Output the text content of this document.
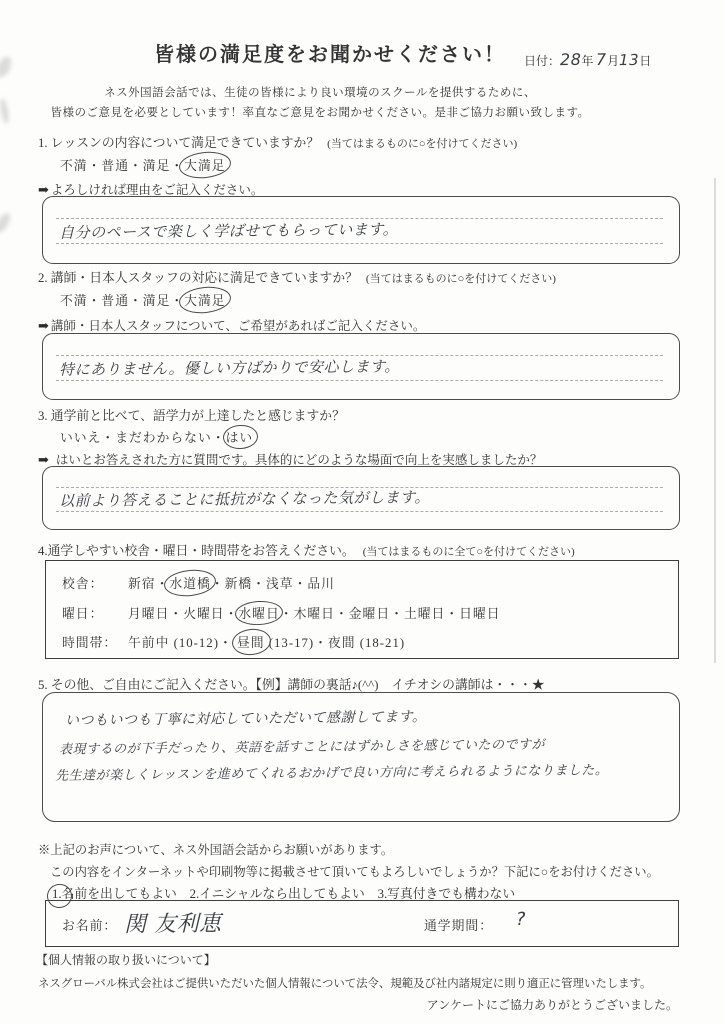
皆様の満足度をお聞かせください！	日付：28年 7月13日
ネス外国語会話では、生徒の皆様により良い環境のスクールを提供するために、
皆様のご意見を必要としています！率直なご意見をお聞かせください。是非ご協力お願い致します。
1. レッスンの内容について満足できていますか？ (当てはまるものに○を付けてください)
不満・普通・満足・大満足
➡ よろしければ理由をご記入ください。
自分のペースで楽しく学ばせてもらっています。
2. 講師・日本人スタッフの対応に満足できていますか？ (当てはまるものに○を付けてください)
不満・普通・満足・大満足
➡ 講師・日本人スタッフについて、ご希望があればご記入ください。
特にありません。優しい方ばかりで安心します。
3. 通学前と比べて、語学力が上達したと感じますか？
いいえ・まだわからない・はい
➡ はいとお答えされた方に質問です。具体的にどのような場面で向上を実感しましたか？
以前より答えることに抵抗がなくなった気がします。
4.通学しやすい校舎・曜日・時間帯をお答えください。 (当てはまるものに全て○を付けてください)
校舎： 新宿・水道橋・新橋・浅草・品川
曜日： 月曜日・火曜日・水曜日・木曜日・金曜日・土曜日・日曜日
時間帯： 午前中 (10-12)・ 昼間 (13-17)・夜間 (18-21)
5. その他、ご自由にご記入ください。【例】講師の裏話♪(^^)　イチオシの講師は・・・★
いつもいつも丁寧に対応していただいて感謝してます。
表現するのが下手だったり、英語を話すことにはずかしさを感じていたのですが
先生達が楽しくレッスンを進めてくれるおかげで良い方向に考えられるようになりました。
※上記のお声について、ネス外国語会話からお願いがあります。
この内容をインターネットや印刷物等に掲載させて頂いてもよろしいでしょうか？下記に○をお付けください。
1.名前を出してもよい　2.イニシャルなら出してもよい　3.写真付きでも構わない
お名前： 関 友利恵	通学期間： ?
【個人情報の取り扱いについて】
ネスグローバル株式会社はご提供いただいた個人情報について法令、規範及び社内諸規定に則り適正に管理いたします。
アンケートにご協力ありがとうございました。
